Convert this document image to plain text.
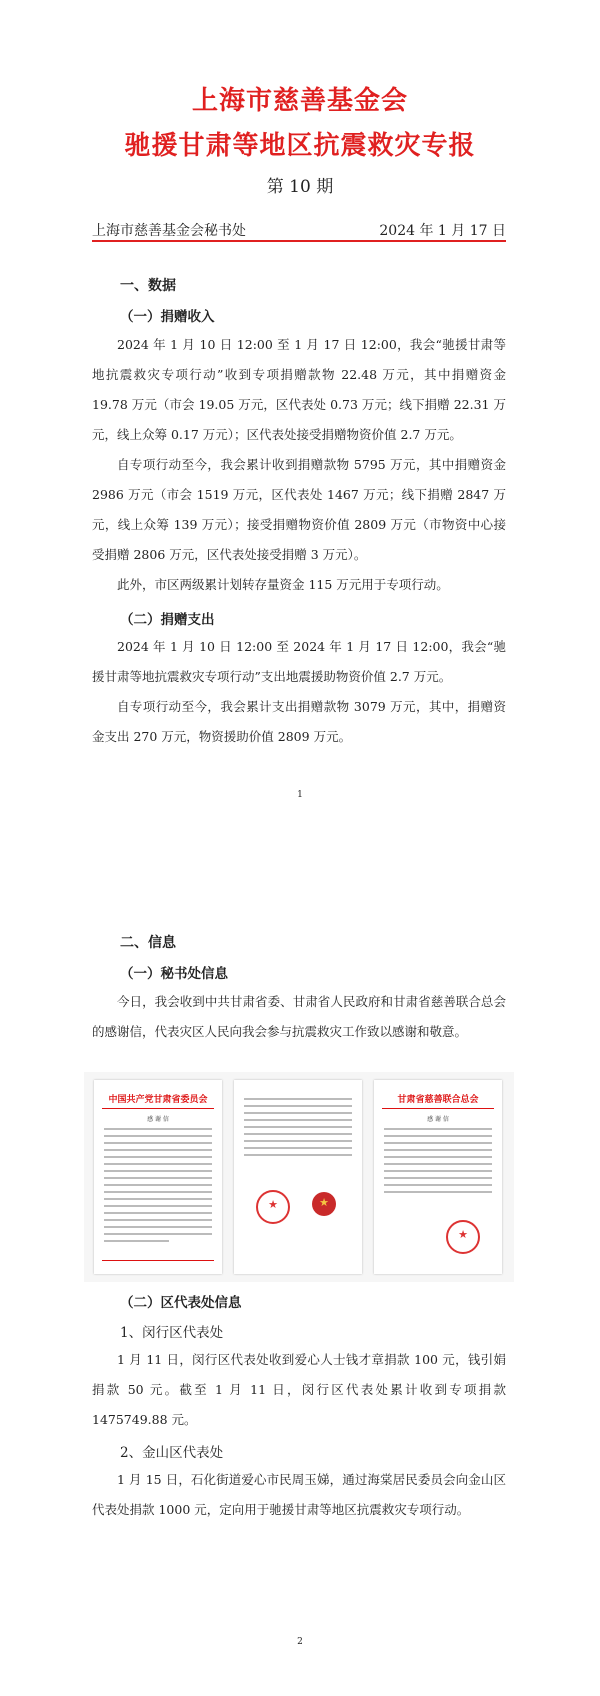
上海市慈善基金会
驰援甘肃等地区抗震救灾专报
第 10 期
上海市慈善基金会秘书处	2024 年 1 月 17 日
一、数据
（一）捐赠收入
2024 年 1 月 10 日 12:00 至 1 月 17 日 12:00，我会“驰援甘肃等地抗震救灾专项行动”收到专项捐赠款物 22.48 万元，其中捐赠资金 19.78 万元（市会 19.05 万元，区代表处 0.73 万元；线下捐赠 22.31 万元，线上众筹 0.17 万元）；区代表处接受捐赠物资价值 2.7 万元。
自专项行动至今，我会累计收到捐赠款物 5795 万元，其中捐赠资金 2986 万元（市会 1519 万元，区代表处 1467 万元；线下捐赠 2847 万元，线上众筹 139 万元）；接受捐赠物资价值 2809 万元（市物资中心接受捐赠 2806 万元，区代表处接受捐赠 3 万元）。
此外，市区两级累计划转存量资金 115 万元用于专项行动。
（二）捐赠支出
2024 年 1 月 10 日 12:00 至 2024 年 1 月 17 日 12:00，我会“驰援甘肃等地抗震救灾专项行动”支出地震援助物资价值 2.7 万元。
自专项行动至今，我会累计支出捐赠款物 3079 万元，其中，捐赠资金支出 270 万元，物资援助价值 2809 万元。
1
二、信息
（一）秘书处信息
今日，我会收到中共甘肃省委、甘肃省人民政府和甘肃省慈善联合总会的感谢信，代表灾区人民向我会参与抗震救灾工作致以感谢和敬意。
中国共产党甘肃省委员会
感 谢 信
★
★
甘肃省慈善联合总会
感 谢 信
★
（二）区代表处信息
1、闵行区代表处
1 月 11 日，闵行区代表处收到爱心人士钱才章捐款 100 元，钱引娟捐款 50 元。截至 1 月 11 日，闵行区代表处累计收到专项捐款 1475749.88 元。
2、金山区代表处
1 月 15 日，石化街道爱心市民周玉娣，通过海棠居民委员会向金山区代表处捐款 1000 元，定向用于驰援甘肃等地区抗震救灾专项行动。
2
